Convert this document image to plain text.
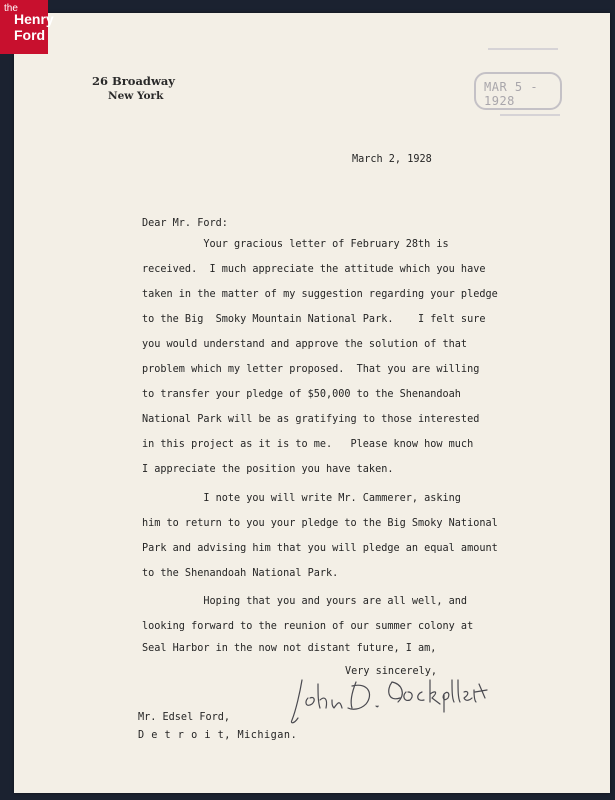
the
Henry
Ford
26 Broadway
New York
MAR 5 - 1928
March 2, 1928
Dear Mr. Ford:
Your gracious letter of February 28th is
received.  I much appreciate the attitude which you have
taken in the matter of my suggestion regarding your pledge
to the Big  Smoky Mountain National Park.    I felt sure
you would understand and approve the solution of that
problem which my letter proposed.  That you are willing
to transfer your pledge of $50,000 to the Shenandoah
National Park will be as gratifying to those interested
in this project as it is to me.   Please know how much
I appreciate the position you have taken.
I note you will write Mr. Cammerer, asking
him to return to you your pledge to the Big Smoky National
Park and advising him that you will pledge an equal amount
to the Shenandoah National Park.
Hoping that you and yours are all well, and
looking forward to the reunion of our summer colony at
Seal Harbor in the now not distant future, I am,
Very sincerely,
Mr. Edsel Ford,
D e t r o i t, Michigan.
